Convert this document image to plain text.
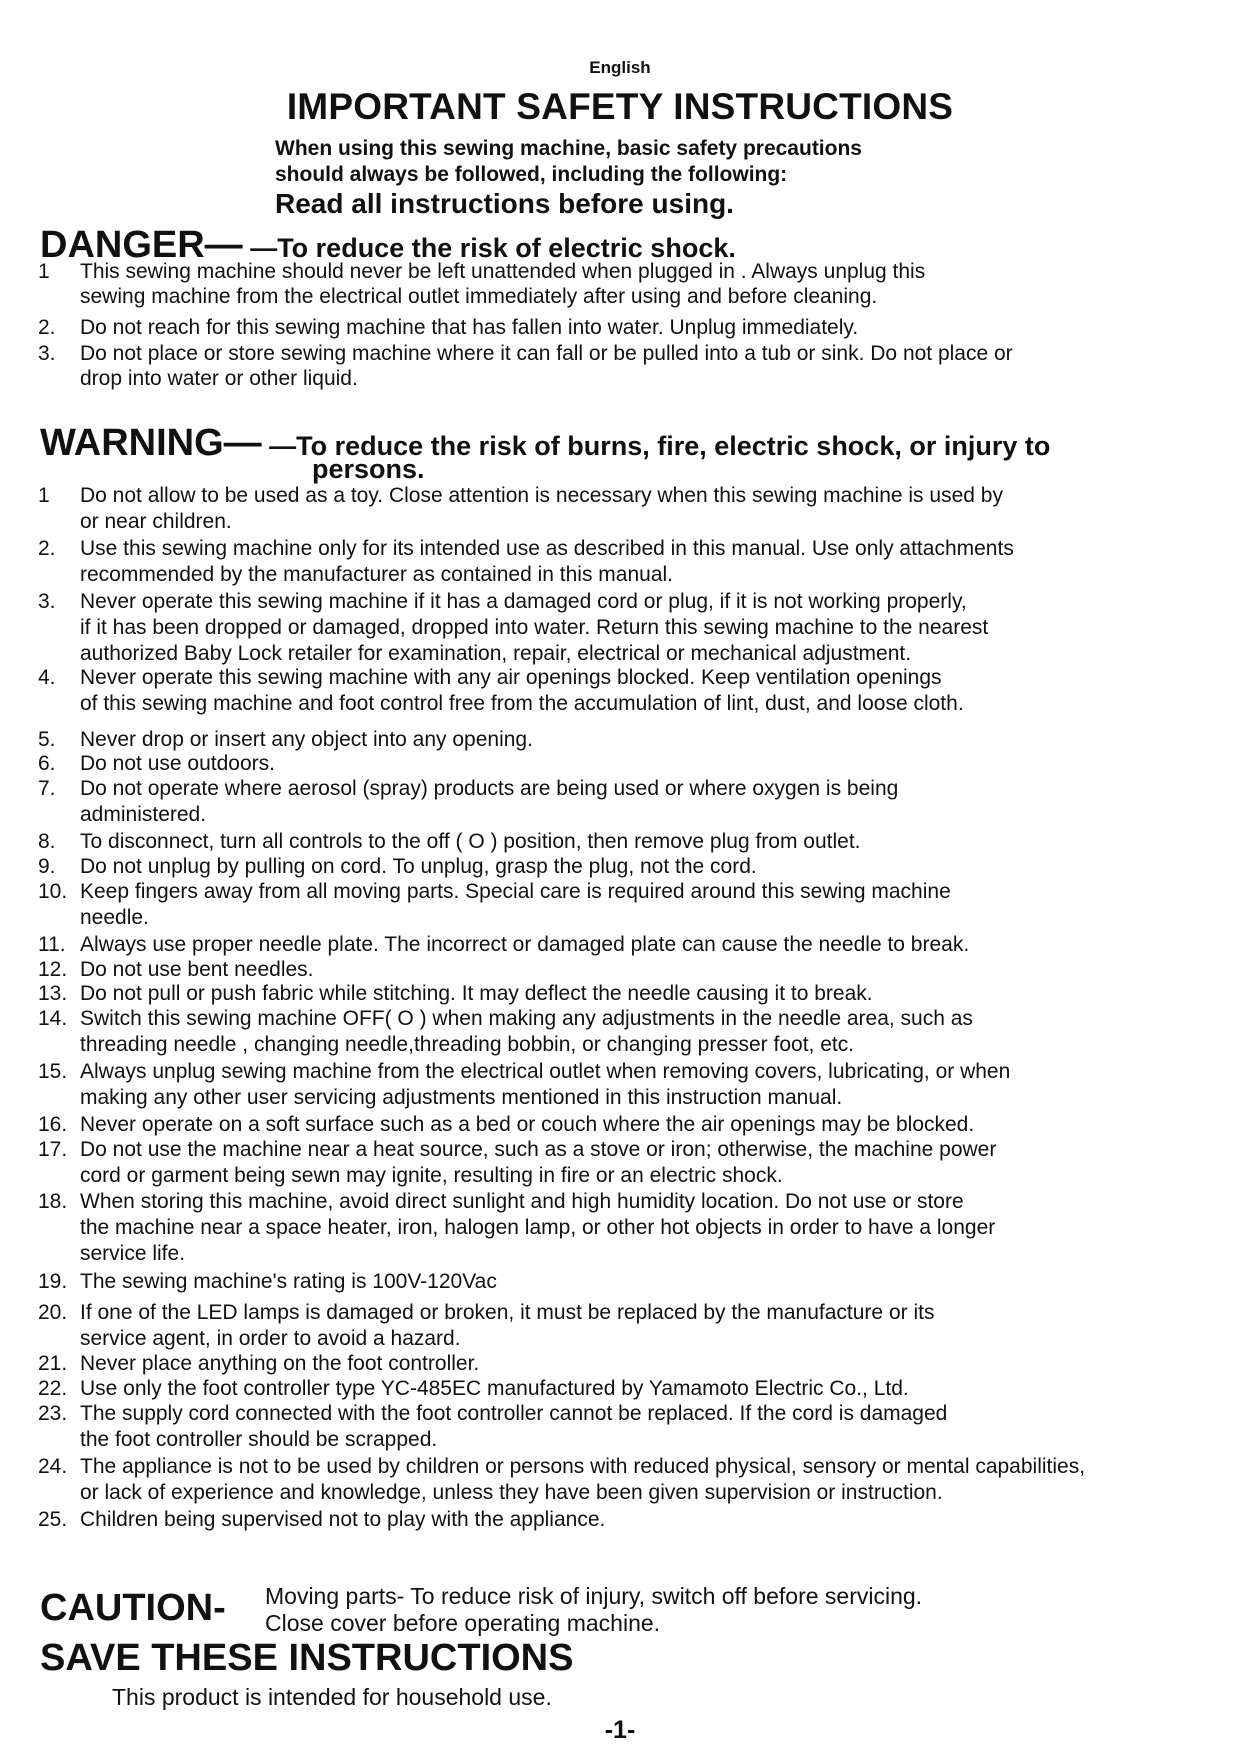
English
IMPORTANT SAFETY INSTRUCTIONS
When using this sewing machine, basic safety precautions
should always be followed, including the following:
Read all instructions before using.
DANGER— —To reduce the risk of electric shock.
1 This sewing machine should never be left unattended when plugged in . Always unplug this
sewing machine from the electrical outlet immediately after using and before cleaning.
2. Do not reach for this sewing machine that has fallen into water. Unplug immediately.
3. Do not place or store sewing machine where it can fall or be pulled into a tub or sink. Do not place or
drop into water or other liquid.
WARNING— —To reduce the risk of burns, fire, electric shock, or injury to
persons.
1 Do not allow to be used as a toy. Close attention is necessary when this sewing machine is used by
or near children.
2. Use this sewing machine only for its intended use as described in this manual. Use only attachments
recommended by the manufacturer as contained in this manual.
3. Never operate this sewing machine if it has a damaged cord or plug, if it is not working properly,
if it has been dropped or damaged, dropped into water. Return this sewing machine to the nearest
authorized Baby Lock retailer for examination, repair, electrical or mechanical adjustment.
4. Never operate this sewing machine with any air openings blocked. Keep ventilation openings
of this sewing machine and foot control free from the accumulation of lint, dust, and loose cloth.
5. Never drop or insert any object into any opening.
6. Do not use outdoors.
7. Do not operate where aerosol (spray) products are being used or where oxygen is being
administered.
8. To disconnect, turn all controls to the off ( O ) position, then remove plug from outlet.
9. Do not unplug by pulling on cord. To unplug, grasp the plug, not the cord.
10. Keep fingers away from all moving parts. Special care is required around this sewing machine
needle.
11. Always use proper needle plate. The incorrect or damaged plate can cause the needle to break.
12. Do not use bent needles.
13. Do not pull or push fabric while stitching. It may deflect the needle causing it to break.
14. Switch this sewing machine OFF( O ) when making any adjustments in the needle area, such as
threading needle , changing needle,threading bobbin, or changing presser foot, etc.
15. Always unplug sewing machine from the electrical outlet when removing covers, lubricating, or when
making any other user servicing adjustments mentioned in this instruction manual.
16. Never operate on a soft surface such as a bed or couch where the air openings may be blocked.
17. Do not use the machine near a heat source, such as a stove or iron; otherwise, the machine power
cord or garment being sewn may ignite, resulting in fire or an electric shock.
18. When storing this machine, avoid direct sunlight and high humidity location. Do not use or store
the machine near a space heater, iron, halogen lamp, or other hot objects in order to have a longer
service life.
19. The sewing machine's rating is 100V-120Vac
20. If one of the LED lamps is damaged or broken, it must be replaced by the manufacture or its
service agent, in order to avoid a hazard.
21. Never place anything on the foot controller.
22. Use only the foot controller type YC-485EC manufactured by Yamamoto Electric Co., Ltd.
23. The supply cord connected with the foot controller cannot be replaced. If the cord is damaged
the foot controller should be scrapped.
24. The appliance is not to be used by children or persons with reduced physical, sensory or mental capabilities,
or lack of experience and knowledge, unless they have been given supervision or instruction.
25. Children being supervised not to play with the appliance.
CAUTION- Moving parts- To reduce risk of injury, switch off before servicing.
Close cover before operating machine.
SAVE THESE INSTRUCTIONS
This product is intended for household use.
-1-
